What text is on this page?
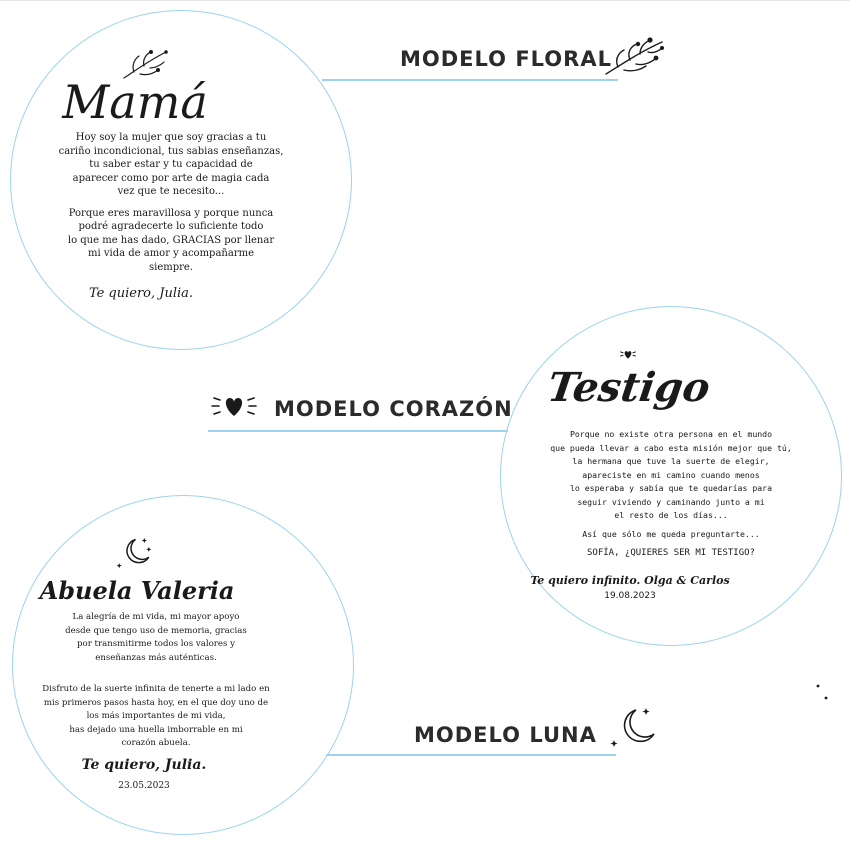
MODELO FLORAL
Mamá

Hoy soy la mujer que soy gracias a tu

cariño incondicional, tus sabias enseñanzas,

tu saber estar y tu capacidad de

aparecer como por arte de magia cada

vez que te necesito...

Porque eres maravillosa y porque nunca

podré agradecerte lo suficiente todo

lo que me has dado, GRACIAS por llenar

mi vida de amor y acompañarme

siempre.

Te quiero, Julia.
MODELO CORAZÓN Testigo

Porque no existe otra persona en el mundo

que pueda llevar a cabo esta misión mejor que tú,

la hermana que tuve la suerte de elegir,

apareciste en mi camino cuando menos

lo esperaba y sabía que te quedarías para

seguir viviendo y caminando junto a mi

el resto de los días...

Así que sólo me queda preguntarte...

SOFÍA, ¿QUIERES SER MI TESTIGO?

Te quiero infinito. Olga & Carlos
19.08.2023
MODELO LUNA
Abuela Valeria

La alegría de mi vida, mi mayor apoyo

desde que tengo uso de memoria, gracias

por transmitirme todos los valores y

enseñanzas más auténticas.

Disfruto de la suerte infinita de tenerte a mi lado en

mis primeros pasos hasta hoy, en el que doy uno de

los más importantes de mi vida,

has dejado una huella imborrable en mi

corazón abuela.

Te quiero, Julia.
23.05.2023
